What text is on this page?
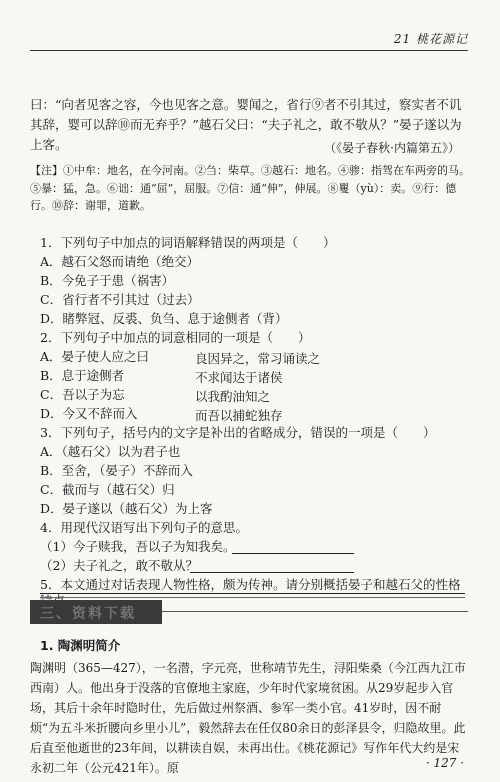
21 桃花源记
曰：“向者见客之容，今也见客之意。婴闻之，省行⑨者不引其过，察实者不讥其辞，婴可以辞⑩而无弃乎？”越石父曰：“夫子礼之，敢不敬从？”晏子遂以为上客。	（《晏子春秋·内篇第五》）
【注】①中牟：地名，在今河南。②刍：柴草。③越石：地名。④骖：指驾在车两旁的马。⑤暴：猛，急。⑥诎：通“屈”，屈服。⑦信：通“伸”，伸展。⑧矍（yù）：卖。⑨行：德行。⑩辞：谢罪，道歉。
1．下列句子中加点的词语解释错误的两项是（　　）
A．越石父怒而请绝（绝交）
B．今免子于患（祸害）
C．省行者不引其过（过去）
D．睹弊冠、反裘、负刍、息于途侧者（背）
2．下列句子中加点的词意相同的一项是（　　）
A．晏子使人应之曰	良因异之，常习诵读之
B．息于途侧者	不求闻达于诸侯
C．吾以子为忘	以我酌油知之
D．今又不辞而入	而吾以捕蛇独存
3．下列句子，括号内的文字是补出的省略成分，错误的一项是（　　）
A．（越石父）以为君子也
B．至舍，（晏子）不辞而入
C．截而与（越石父）归
D．晏子遂以（越石父）为上客
4．用现代汉语写出下列句子的意思。
（1）今子赎我，吾以子为知我矣。
（2）夫子礼之，敢不敬从？
5．本文通过对话表现人物性格，颇为传神。请分别概括晏子和越石父的性格
三、资料下载
1. 陶渊明简介
陶渊明（365—427），一名潜，字元亮，世称靖节先生，浔阳柴桑（今江西九江市西南）人。他出身于没落的官僚地主家庭，少年时代家境贫困。从29岁起步入官场，其后十余年时隐时仕，先后做过州祭酒、参军一类小官。41岁时，因不耐烦“为五斗米折腰向乡里小儿”，毅然辞去在任仅80余日的彭泽县令，归隐故里。此后直至他逝世的23年间，以耕读自娱，未再出仕。《桃花源记》写作年代大约是宋永初二年（公元421年）。原	· 127 ·
